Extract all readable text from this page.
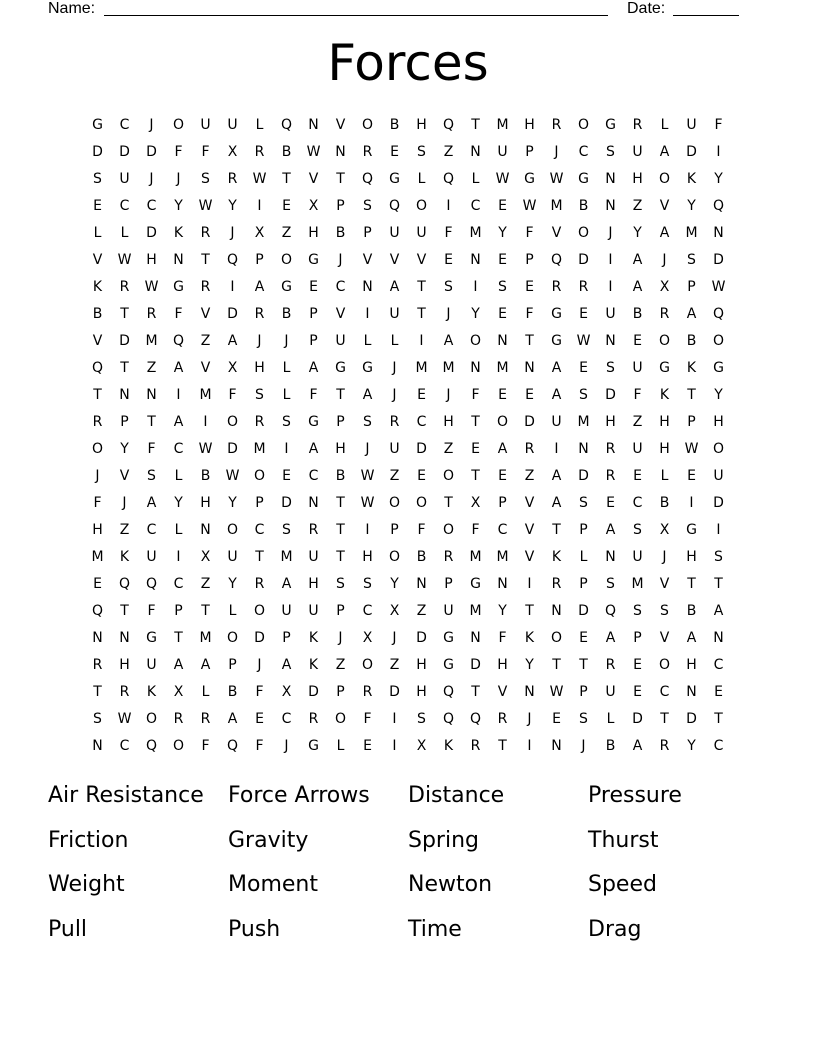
Name:	Date:
Forces
G	C	J	O	U	U	L	Q	N	V	O	B	H	Q	T	M	H	R	O	G	R	L	U	F
D	D	D	F	F	X	R	B	W	N	R	E	S	Z	N	U	P	J	C	S	U	A	D	I
S	U	J	J	S	R	W	T	V	T	Q	G	L	Q	L	W	G	W	G	N	H	O	K	Y
E	C	C	Y	W	Y	I	E	X	P	S	Q	O	I	C	E	W	M	B	N	Z	V	Y	Q
L	L	D	K	R	J	X	Z	H	B	P	U	U	F	M	Y	F	V	O	J	Y	A	M	N
V	W	H	N	T	Q	P	O	G	J	V	V	V	E	N	E	P	Q	D	I	A	J	S	D
K	R	W	G	R	I	A	G	E	C	N	A	T	S	I	S	E	R	R	I	A	X	P	W
B	T	R	F	V	D	R	B	P	V	I	U	T	J	Y	E	F	G	E	U	B	R	A	Q
V	D	M	Q	Z	A	J	J	P	U	L	L	I	A	O	N	T	G	W	N	E	O	B	O
Q	T	Z	A	V	X	H	L	A	G	G	J	M	M	N	M	N	A	E	S	U	G	K	G
T	N	N	I	M	F	S	L	F	T	A	J	E	J	F	E	E	A	S	D	F	K	T	Y
R	P	T	A	I	O	R	S	G	P	S	R	C	H	T	O	D	U	M	H	Z	H	P	H
O	Y	F	C	W	D	M	I	A	H	J	U	D	Z	E	A	R	I	N	R	U	H	W	O
J	V	S	L	B	W	O	E	C	B	W	Z	E	O	T	E	Z	A	D	R	E	L	E	U
F	J	A	Y	H	Y	P	D	N	T	W	O	O	T	X	P	V	A	S	E	C	B	I	D
H	Z	C	L	N	O	C	S	R	T	I	P	F	O	F	C	V	T	P	A	S	X	G	I
M	K	U	I	X	U	T	M	U	T	H	O	B	R	M	M	V	K	L	N	U	J	H	S
E	Q	Q	C	Z	Y	R	A	H	S	S	Y	N	P	G	N	I	R	P	S	M	V	T	T
Q	T	F	P	T	L	O	U	U	P	C	X	Z	U	M	Y	T	N	D	Q	S	S	B	A
N	N	G	T	M	O	D	P	K	J	X	J	D	G	N	F	K	O	E	A	P	V	A	N
R	H	U	A	A	P	J	A	K	Z	O	Z	H	G	D	H	Y	T	T	R	E	O	H	C
T	R	K	X	L	B	F	X	D	P	R	D	H	Q	T	V	N	W	P	U	E	C	N	E
S	W	O	R	R	A	E	C	R	O	F	I	S	Q	Q	R	J	E	S	L	D	T	D	T
N	C	Q	O	F	Q	F	J	G	L	E	I	X	K	R	T	I	N	J	B	A	R	Y	C
Air Resistance	Force Arrows	Distance	Pressure
Friction	Gravity	Spring	Thurst
Weight	Moment	Newton	Speed
Pull	Push	Time	Drag
